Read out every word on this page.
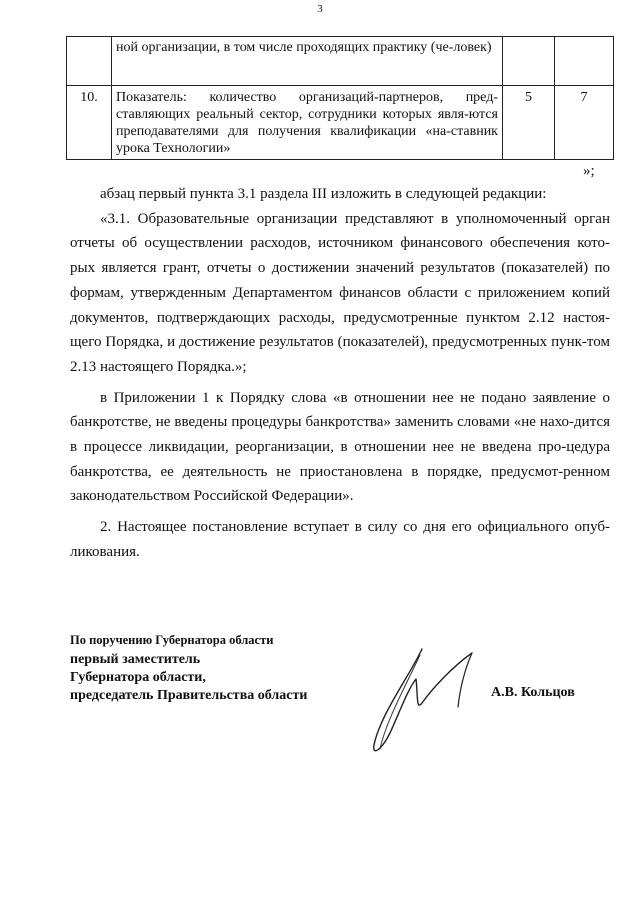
3
	ной организации, в том числе проходящих практику (че-ловек)		
10.	Показатель: количество организаций-партнеров, пред-ставляющих реальный сектор, сотрудники которых явля-ются преподавателями для получения квалификации «на-ставник урока Технологии»	5	7
»;

абзац первый пункта 3.1 раздела III изложить в следующей редакции:

«3.1. Образовательные организации представляют в уполномоченный орган отчеты об осуществлении расходов, источником финансового обеспечения кото-рых является грант, отчеты о достижении значений результатов (показателей) по формам, утвержденным Департаментом финансов области с приложением копий документов, подтверждающих расходы, предусмотренные пунктом 2.12 настоя-щего Порядка, и достижение результатов (показателей), предусмотренных пунк-том 2.13 настоящего Порядка.»;

в Приложении 1 к Порядку слова «в отношении нее не подано заявление о банкротстве, не введены процедуры банкротства» заменить словами «не нахо-дится в процессе ликвидации, реорганизации, в отношении нее не введена про-цедура банкротства, ее деятельность не приостановлена в порядке, предусмот-ренном законодательством Российской Федерации».

2. Настоящее постановление вступает в силу со дня его официального опуб-ликования.

По поручению Губернатора области
первый заместитель
Губернатора области,
председатель Правительства области	А.В. Кольцов
